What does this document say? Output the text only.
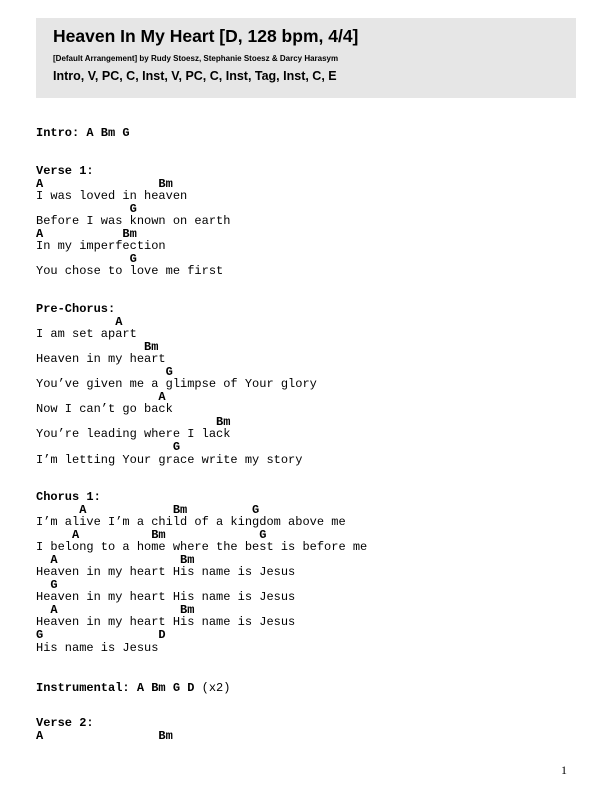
Heaven In My Heart [D, 128 bpm, 4/4]
[Default Arrangement] by Rudy Stoesz, Stephanie Stoesz & Darcy Harasym
Intro, V, PC, C, Inst, V, PC, C, Inst, Tag, Inst, C, E
Intro: A Bm G
Verse 1:
A                Bm
I was loved in heaven
G
Before I was known on earth
A           Bm
In my imperfection
G
You chose to love me first
Pre-Chorus:
A
I am set apart
Bm
Heaven in my heart
G
You’ve given me a glimpse of Your glory
A
Now I can’t go back
Bm
You’re leading where I lack
G
I’m letting Your grace write my story
Chorus 1:
A            Bm         G
I’m alive I’m a child of a kingdom above me
A          Bm             G
I belong to a home where the best is before me
A                 Bm
Heaven in my heart His name is Jesus
G
Heaven in my heart His name is Jesus
A                 Bm
Heaven in my heart His name is Jesus
G                D
His name is Jesus
Instrumental: A Bm G D (x2)
Verse 2:
A                Bm
1
